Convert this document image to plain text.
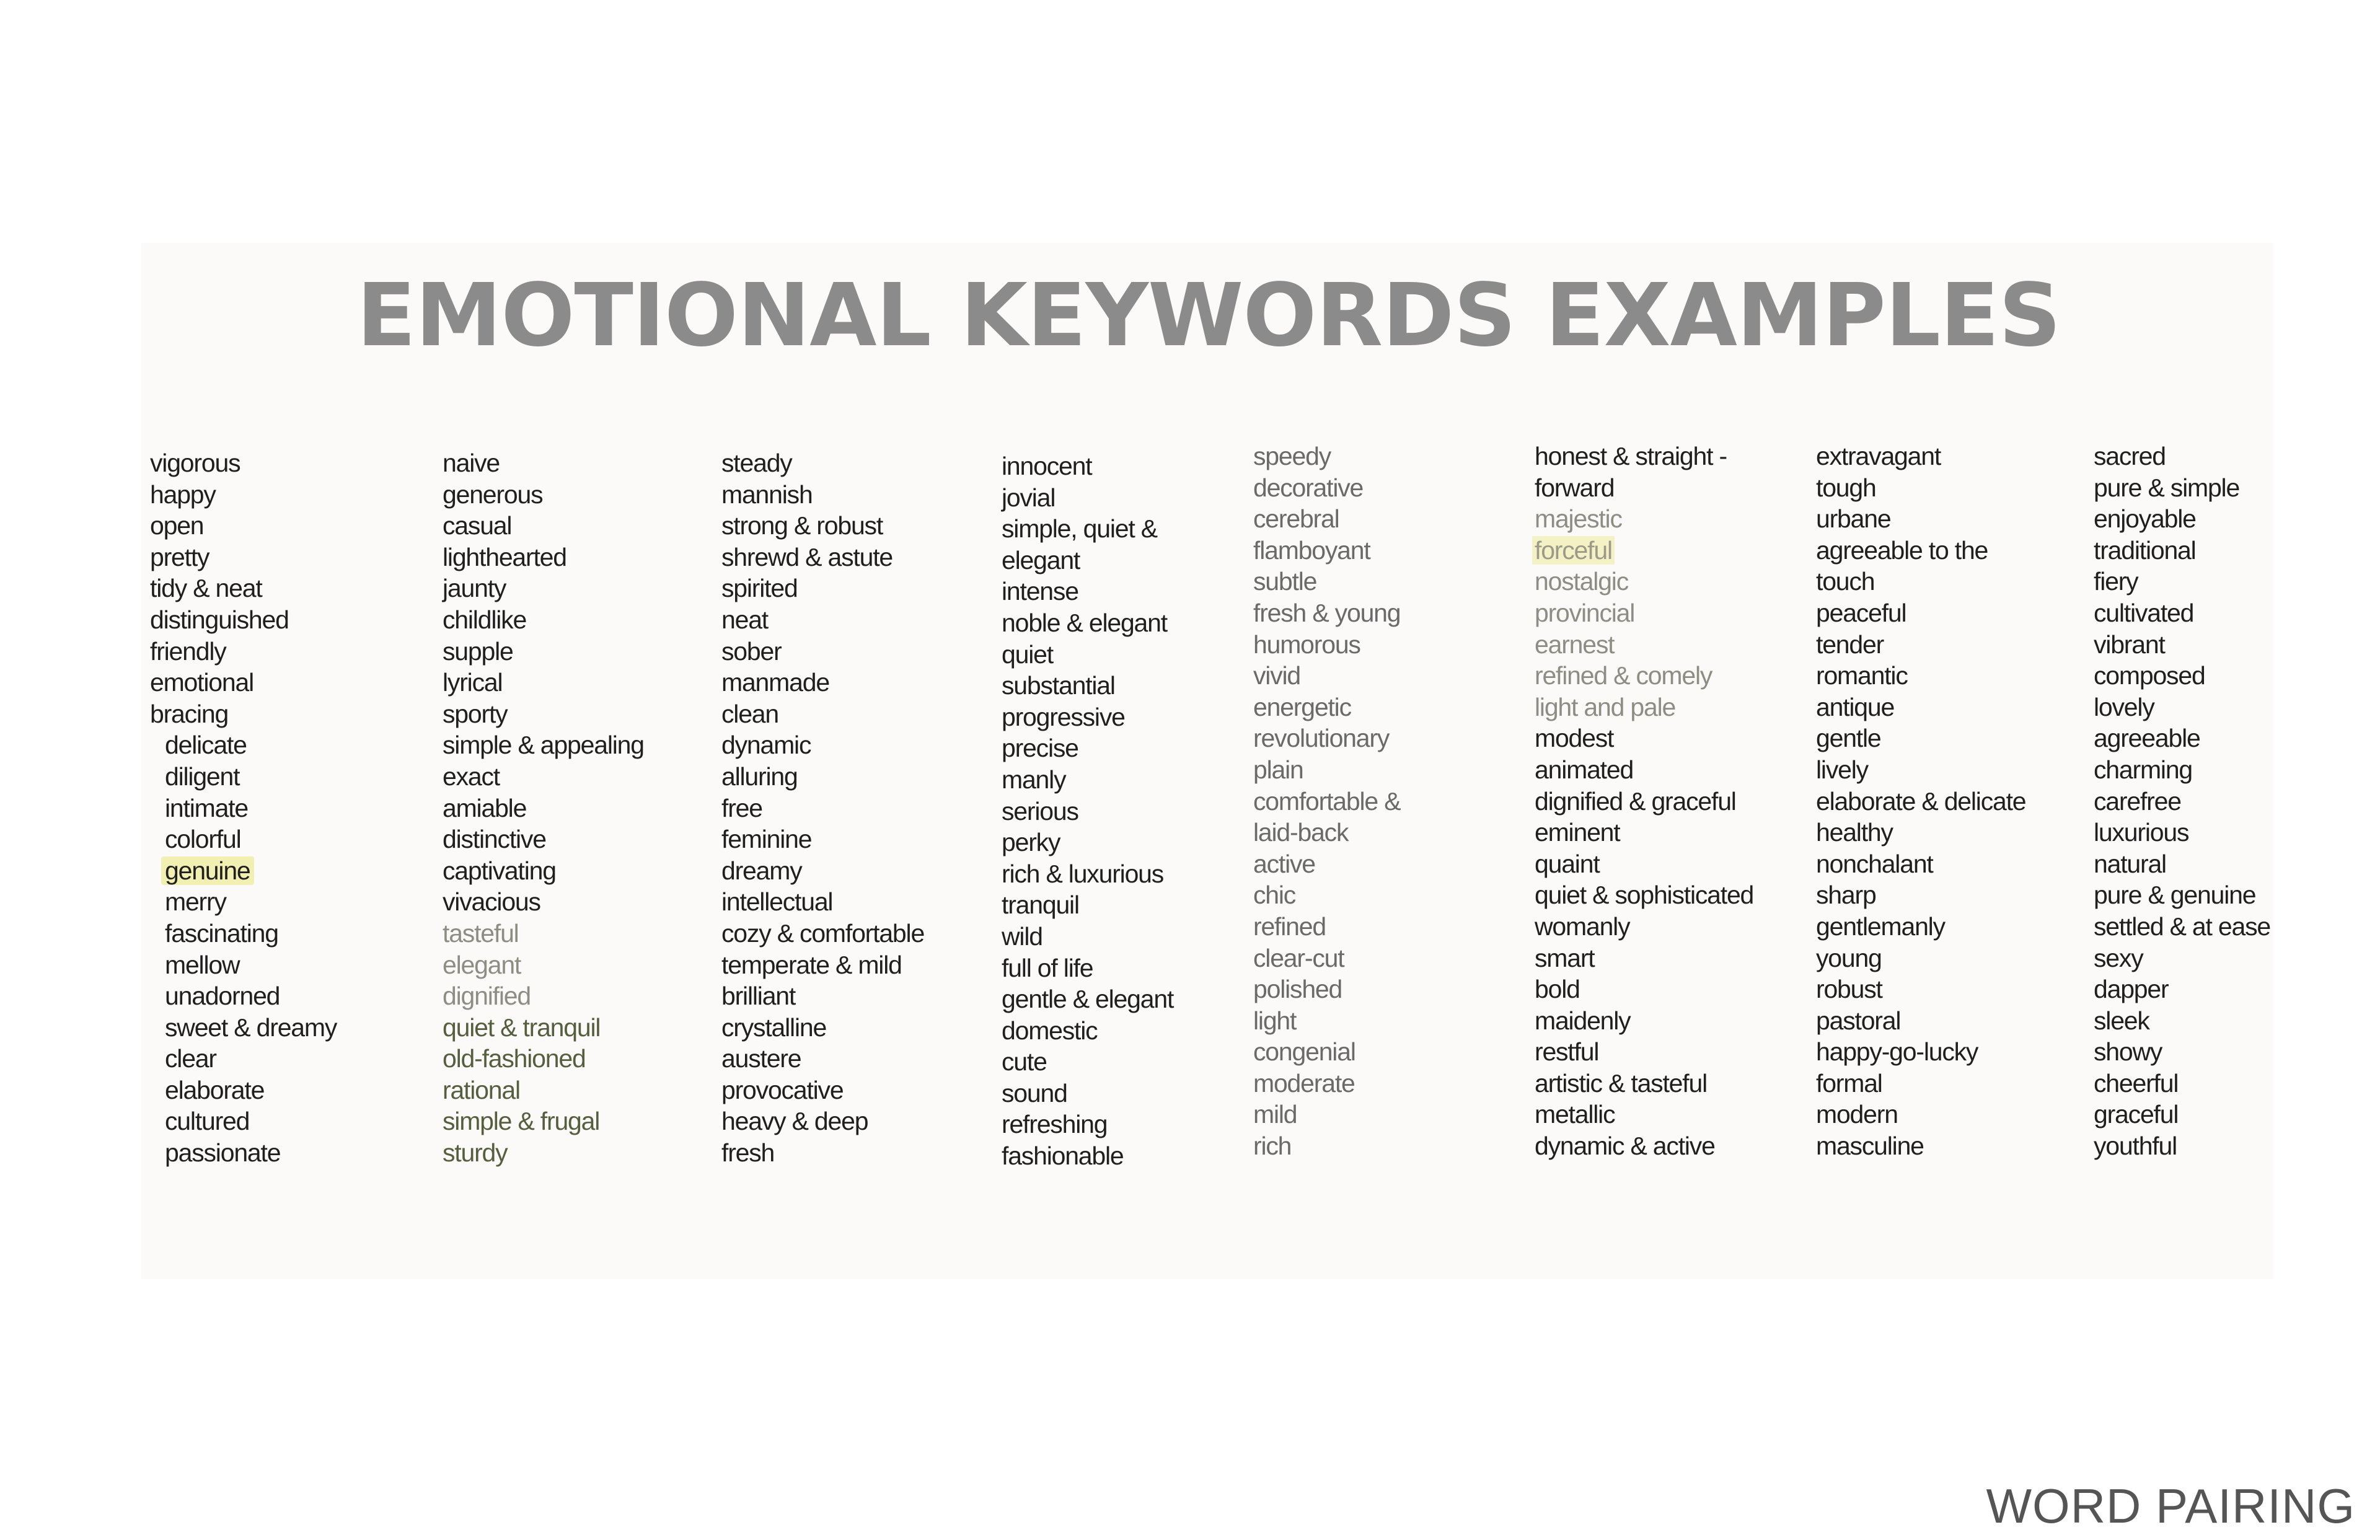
EMOTIONAL KEYWORDS EXAMPLES
vigorous
happy
open
pretty
tidy & neat
distinguished
friendly
emotional
bracing
delicate
diligent
intimate
colorful
genuine
merry
fascinating
mellow
unadorned
sweet & dreamy
clear
elaborate
cultured
passionate
naive
generous
casual
lighthearted
jaunty
childlike
supple
lyrical
sporty
simple & appealing
exact
amiable
distinctive
captivating
vivacious
tasteful
elegant
dignified
quiet & tranquil
old-fashioned
rational
simple & frugal
sturdy
steady
mannish
strong & robust
shrewd & astute
spirited
neat
sober
manmade
clean
dynamic
alluring
free
feminine
dreamy
intellectual
cozy & comfortable
temperate & mild
brilliant
crystalline
austere
provocative
heavy & deep
fresh
innocent
jovial
simple, quiet &
elegant
intense
noble & elegant
quiet
substantial
progressive
precise
manly
serious
perky
rich & luxurious
tranquil
wild
full of life
gentle & elegant
domestic
cute
sound
refreshing
fashionable
speedy
decorative
cerebral
flamboyant
subtle
fresh & young
humorous
vivid
energetic
revolutionary
plain
comfortable &
laid-back
active
chic
refined
clear-cut
polished
light
congenial
moderate
mild
rich
honest & straight -
forward
majestic
forceful
nostalgic
provincial
earnest
refined & comely
light and pale
modest
animated
dignified & graceful
eminent
quaint
quiet & sophisticated
womanly
smart
bold
maidenly
restful
artistic & tasteful
metallic
dynamic & active
extravagant
tough
urbane
agreeable to the
touch
peaceful
tender
romantic
antique
gentle
lively
elaborate & delicate
healthy
nonchalant
sharp
gentlemanly
young
robust
pastoral
happy-go-lucky
formal
modern
masculine
sacred
pure & simple
enjoyable
traditional
fiery
cultivated
vibrant
composed
lovely
agreeable
charming
carefree
luxurious
natural
pure & genuine
settled & at ease
sexy
dapper
sleek
showy
cheerful
graceful
youthful
WORD PAIRING
